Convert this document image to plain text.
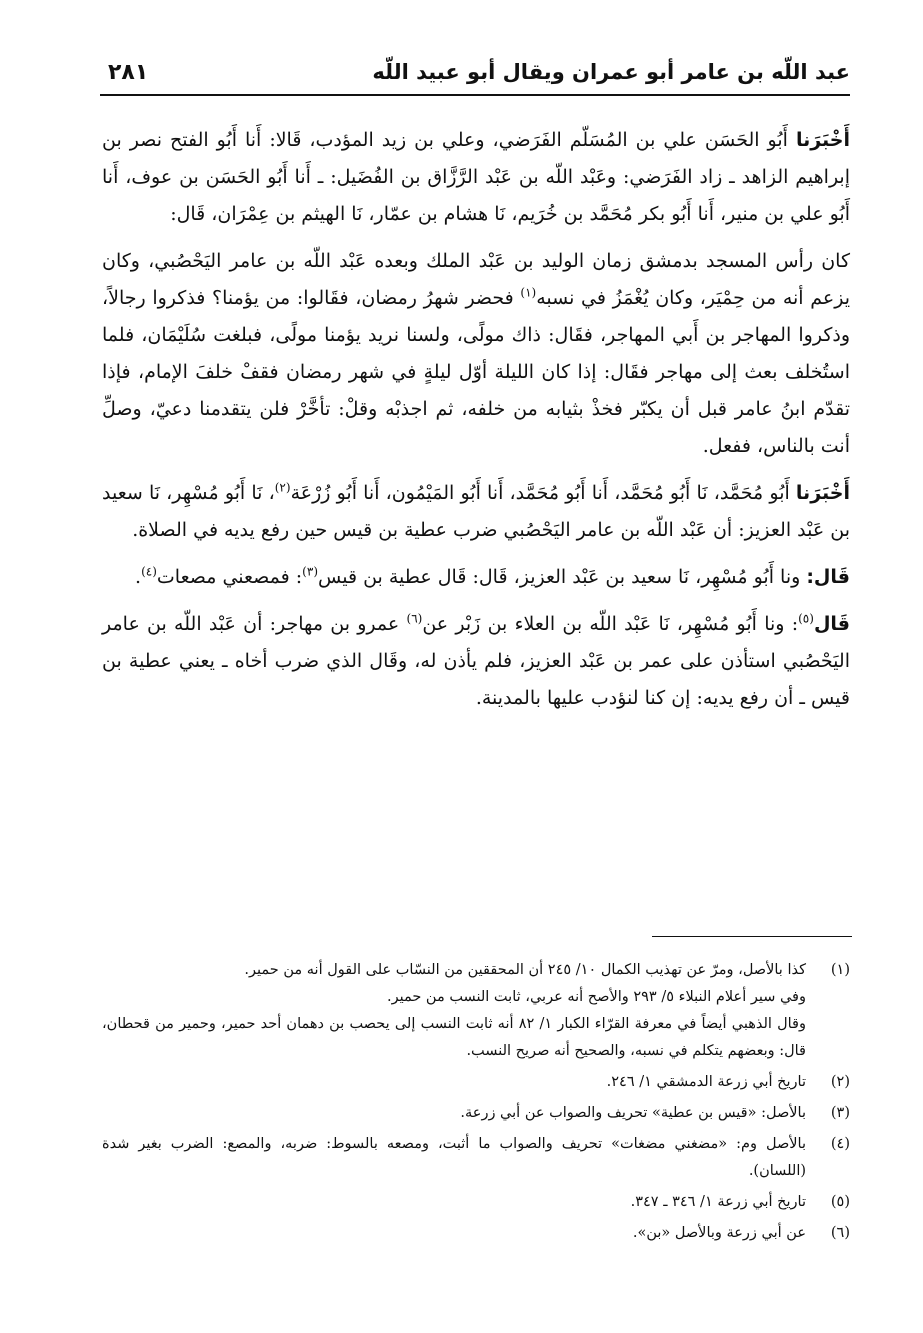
عبد اللّه بن عامر أبو عمران ويقال أبو عبيد اللّه
٢٨١

أَخْبَرَنا أَبُو الحَسَن علي بن المُسَلّم الفَرَضي، وعلي بن زيد المؤدب، قَالا: أَنا أَبُو الفتح نصر بن إبراهيم الزاهد ـ زاد الفَرَضي: وعَبْد اللّه بن عَبْد الرَّزَّاق بن الفُضَيل: ـ أَنا أَبُو الحَسَن بن عوف، أَنا أَبُو علي بن منير، أَنا أَبُو بكر مُحَمَّد بن خُرَيم، نَا هشام بن عمّار، نَا الهيثم بن عِمْرَان، قَال:

كان رأس المسجد بدمشق زمان الوليد بن عَبْد الملك وبعده عَبْد اللّه بن عامر اليَحْصُبي، وكان يزعم أنه من حِمْيَر، وكان يُغْمَزُ في نسبه$^{(١)}$ فحضر شهرُ رمضان، فقَالوا: من يؤمنا؟ فذكروا رجالاً، وذكروا المهاجر بن أَبي المهاجر، فقَال: ذاك مولًى، ولسنا نريد يؤمنا مولًى، فبلغت سُلَيْمَان، فلما استُخلف بعث إلى مهاجر فقَال: إذا كان الليلة أوّل ليلةٍ في شهر رمضان فقفْ خلفَ الإمام، فإذا تقدّم ابنُ عامر قبل أن يكبّر فخذْ بثيابه من خلفه، ثم اجذبْه وقلْ: تأخَّرْ فلن يتقدمنا دعيّ، وصلِّ أنت بالناس، ففعل.

أَخْبَرَنا أَبُو مُحَمَّد، نَا أَبُو مُحَمَّد، أَنا أَبُو مُحَمَّد، أَنا أَبُو المَيْمُون، أَنا أَبُو زُرْعَة$^{(٢)}$، نَا أَبُو مُسْهِر، نَا سعيد بن عَبْد العزيز: أن عَبْد اللّه بن عامر اليَحْصُبي ضرب عطية بن قيس حين رفع يديه في الصلاة.

قَال: ونا أَبُو مُسْهِر، نَا سعيد بن عَبْد العزيز، قَال: قَال عطية بن قيس$^{(٣)}$: فمصعني مصعات$^{(٤)}$.

قَال$^{(٥)}$: ونا أَبُو مُسْهِر، نَا عَبْد اللّه بن العلاء بن زَبْر عن$^{(٦)}$ عمرو بن مهاجر: أن عَبْد اللّه بن عامر اليَحْصُبي استأذن على عمر بن عَبْد العزيز، فلم يأذن له، وقَال الذي ضرب أخاه ـ يعني عطية بن قيس ـ أن رفع يديه: إن كنا لنؤدب عليها بالمدينة.

(١)

كذا بالأصل، ومرّ عن تهذيب الكمال ١٠/ ٢٤٥ أن المحققين من النسّاب على القول أنه من حمير.

وفي سير أعلام النبلاء ٥/ ٢٩٣ والأصح أنه عربي، ثابت النسب من حمير.

وقال الذهبي أيضاً في معرفة القرّاء الكبار ١/ ٨٢ أنه ثابت النسب إلى يحصب بن دهمان أحد حمير، وحمير من قحطان، قال: وبعضهم يتكلم في نسبه، والصحيح أنه صريح النسب.

(٢)

تاريخ أبي زرعة الدمشقي ١/ ٢٤٦.

(٣)

بالأصل: «قيس بن عطية» تحريف والصواب عن أبي زرعة.

(٤)

بالأصل وم: «مضغني مضغات» تحريف والصواب ما أثبت، ومصعه بالسوط: ضربه، والمصع: الضرب بغير شدة (اللسان).

(٥)

تاريخ أبي زرعة ١/ ٣٤٦ ـ ٣٤٧.

(٦)

عن أبي زرعة وبالأصل «بن».
